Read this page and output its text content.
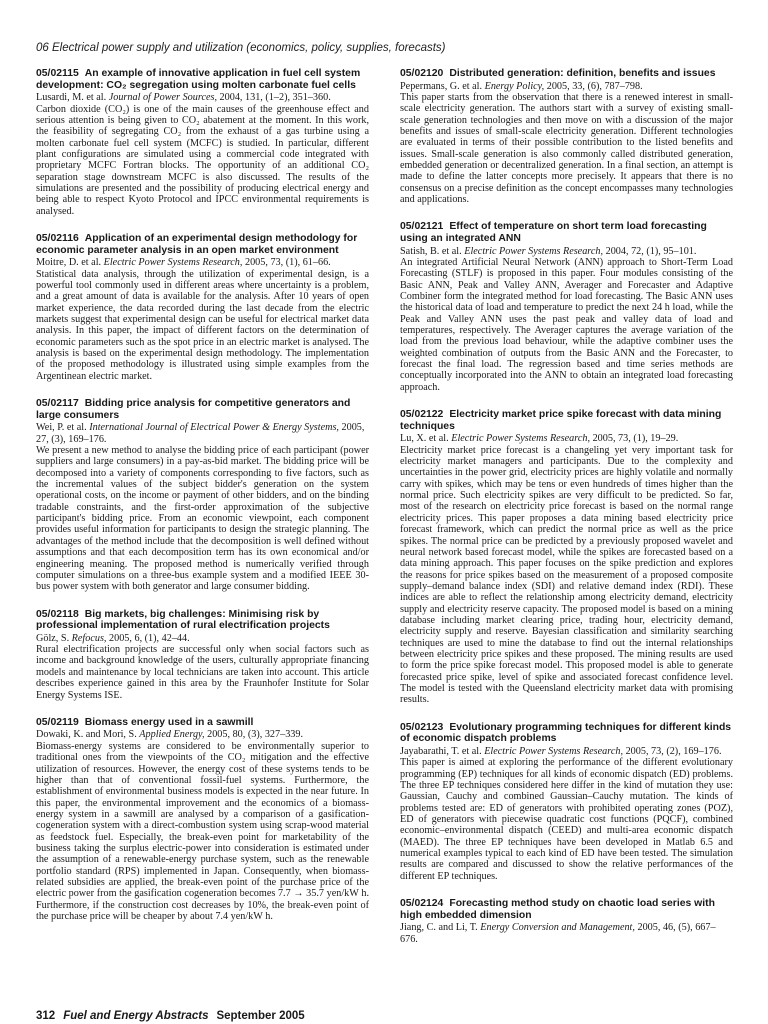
06 Electrical power supply and utilization (economics, policy, supplies, forecasts)
05/02115 An example of innovative application in fuel cell system development: CO₂ segregation using molten carbonate fuel cells
Lusardi, M. et al. Journal of Power Sources, 2004, 131, (1–2), 351–360.
Carbon dioxide (CO₂) is one of the main causes of the greenhouse effect and serious attention is being given to CO₂ abatement at the moment. In this work, the feasibility of segregating CO₂ from the exhaust of a gas turbine using a molten carbonate fuel cell system (MCFC) is studied. In particular, different plant configurations are simulated using a commercial code integrated with proprietary MCFC Fortran blocks. The opportunity of an additional CO₂ separation stage downstream MCFC is also discussed. The results of the simulations are presented and the possibility of producing electrical energy and being able to respect Kyoto Protocol and IPCC environmental requirements is analysed.
05/02116 Application of an experimental design methodology for economic parameter analysis in an open market environment
Moitre, D. et al. Electric Power Systems Research, 2005, 73, (1), 61–66.
Statistical data analysis, through the utilization of experimental design, is a powerful tool commonly used in different areas where uncertainty is a problem, and a great amount of data is available for the analysis. After 10 years of open market experience, the data recorded during the last decade from the electric markets suggest that experimental design can be useful for electrical market data analysis. In this paper, the impact of different factors on the determination of economic parameters such as the spot price in an electric market is analysed. The analysis is based on the experimental design methodology. The implementation of the proposed methodology is illustrated using simple examples from the Argentinean electric market.
05/02117 Bidding price analysis for competitive generators and large consumers
Wei, P. et al. International Journal of Electrical Power & Energy Systems, 2005, 27, (3), 169–176.
We present a new method to analyse the bidding price of each participant (power suppliers and large consumers) in a pay-as-bid market. The bidding price will be decomposed into a variety of components corresponding to five factors, such as the incremental values of the subject bidder's generation on the system operational costs, on the income or payment of other bidders, and on the binding tradable constraints, and the first-order approximation of the subjective participant's bidding price. From an economic viewpoint, each component provides useful information for participants to design the strategic planning. The advantages of the method include that the decomposition is well defined without assumptions and that each decomposition term has its own economical and/or engineering meaning. The proposed method is numerically verified through computer simulations on a three-bus example system and a modified IEEE 30-bus power system with both generator and large consumer bidding.
05/02118 Big markets, big challenges: Minimising risk by professional implementation of rural electrification projects
Gölz, S. Refocus, 2005, 6, (1), 42–44.
Rural electrification projects are successful only when social factors such as income and background knowledge of the users, culturally appropriate financing models and maintenance by local technicians are taken into account. This article describes experience gained in this area by the Fraunhofer Institute for Solar Energy Systems ISE.
05/02119 Biomass energy used in a sawmill
Dowaki, K. and Mori, S. Applied Energy, 2005, 80, (3), 327–339.
Biomass-energy systems are considered to be environmentally superior to traditional ones from the viewpoints of the CO₂ mitigation and the effective utilization of resources. However, the energy cost of these systems tends to be higher than that of conventional fossil-fuel systems. Furthermore, the establishment of environmental business models is expected in the near future. In this paper, the environmental improvement and the economics of a biomass-energy system in a sawmill are analysed by a comparison of a gasification-cogeneration system with a direct-combustion system using scrap-wood material as feedstock fuel. Especially, the break-even point for marketability of the business taking the surplus electric-power into consideration is estimated under the assumption of a renewable-energy purchase system, such as the renewable portfolio standard (RPS) implemented in Japan. Consequently, when biomass-related subsidies are applied, the break-even point of the purchase price of the electric power from the gasification cogeneration becomes 7.7 → 35.7 yen/kW h. Furthermore, if the construction cost decreases by 10%, the break-even point of the purchase price will be cheaper by about 7.4 yen/kW h.
05/02120 Distributed generation: definition, benefits and issues
Pepermans, G. et al. Energy Policy, 2005, 33, (6), 787–798.
This paper starts from the observation that there is a renewed interest in small-scale electricity generation. The authors start with a survey of existing small-scale generation technologies and then move on with a discussion of the major benefits and issues of small-scale electricity generation. Different technologies are evaluated in terms of their possible contribution to the listed benefits and issues. Small-scale generation is also commonly called distributed generation, embedded generation or decentralized generation. In a final section, an attempt is made to define the latter concepts more precisely. It appears that there is no consensus on a precise definition as the concept encompasses many technologies and applications.
05/02121 Effect of temperature on short term load forecasting using an integrated ANN
Satish, B. et al. Electric Power Systems Research, 2004, 72, (1), 95–101.
An integrated Artificial Neural Network (ANN) approach to Short-Term Load Forecasting (STLF) is proposed in this paper. Four modules consisting of the Basic ANN, Peak and Valley ANN, Averager and Forecaster and Adaptive Combiner form the integrated method for load forecasting. The Basic ANN uses the historical data of load and temperature to predict the next 24 h load, while the Peak and Valley ANN uses the past peak and valley data of load and temperatures, respectively. The Averager captures the average variation of the load from the previous load behaviour, while the adaptive combiner uses the weighted combination of outputs from the Basic ANN and the Forecaster, to forecast the final load. The regression based and time series methods are conceptually incorporated into the ANN to obtain an integrated load forecasting approach.
05/02122 Electricity market price spike forecast with data mining techniques
Lu, X. et al. Electric Power Systems Research, 2005, 73, (1), 19–29.
Electricity market price forecast is a changeling yet very important task for electricity market managers and participants. Due to the complexity and uncertainties in the power grid, electricity prices are highly volatile and normally carry with spikes, which may be tens or even hundreds of times higher than the normal price. Such electricity spikes are very difficult to be predicted. So far, most of the research on electricity price forecast is based on the normal range electricity prices. This paper proposes a data mining based electricity price forecast framework, which can predict the normal price as well as the price spikes. The normal price can be predicted by a previously proposed wavelet and neural network based forecast model, while the spikes are forecasted based on a data mining approach. This paper focuses on the spike prediction and explores the reasons for price spikes based on the measurement of a proposed composite supply–demand balance index (SDI) and relative demand index (RDI). These indices are able to reflect the relationship among electricity demand, electricity supply and electricity reserve capacity. The proposed model is based on a mining database including market clearing price, trading hour, electricity demand, electricity supply and reserve. Bayesian classification and similarity searching techniques are used to mine the database to find out the internal relationships between electricity price spikes and these proposed. The mining results are used to form the price spike forecast model. This proposed model is able to generate forecasted price spike, level of spike and associated forecast confidence level. The model is tested with the Queensland electricity market data with promising results.
05/02123 Evolutionary programming techniques for different kinds of economic dispatch problems
Jayabarathi, T. et al. Electric Power Systems Research, 2005, 73, (2), 169–176.
This paper is aimed at exploring the performance of the different evolutionary programming (EP) techniques for all kinds of economic dispatch (ED) problems. The three EP techniques considered here differ in the kind of mutation they use: Gaussian, Cauchy and combined Gaussian–Cauchy mutation. The kinds of problems tested are: ED of generators with prohibited operating zones (POZ), ED of generators with piecewise quadratic cost functions (PQCF), combined economic–environmental dispatch (CEED) and multi-area economic dispatch (MAED). The three EP techniques have been developed in Matlab 6.5 and numerical examples typical to each kind of ED have been tested. The simulation results are compared and discussed to show the relative performances of the different EP techniques.
05/02124 Forecasting method study on chaotic load series with high embedded dimension
Jiang, C. and Li, T. Energy Conversion and Management, 2005, 46, (5), 667–676.
312 Fuel and Energy Abstracts September 2005
